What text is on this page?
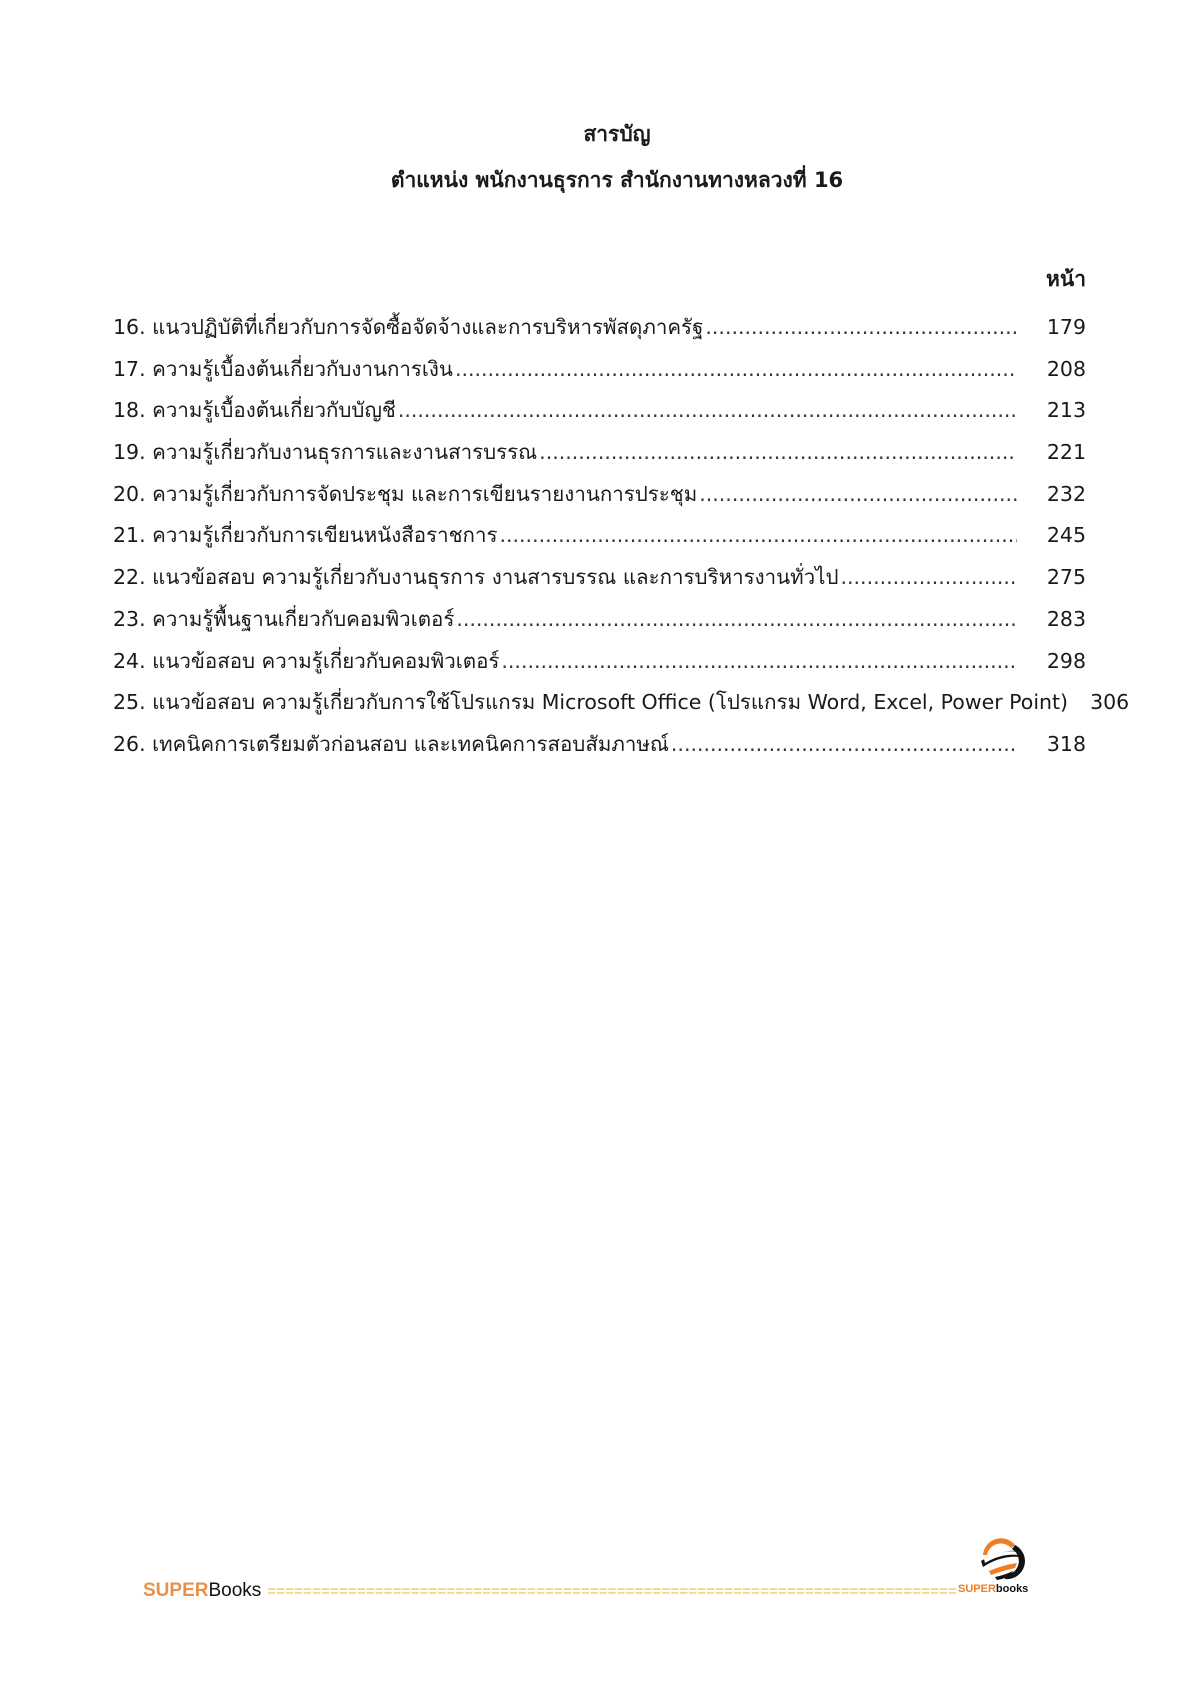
สารบัญ
ตำแหน่ง พนักงานธุรการ สำนักงานทางหลวงที่ 16
หน้า
16. แนวปฏิบัติที่เกี่ยวกับการจัดซื้อจัดจ้างและการบริหารพัสดุภาครัฐ .....	179
17. ความรู้เบื้องต้นเกี่ยวกับงานการเงิน .....	208
18. ความรู้เบื้องต้นเกี่ยวกับบัญชี .....	213
19. ความรู้เกี่ยวกับงานธุรการและงานสารบรรณ .....	221
20. ความรู้เกี่ยวกับการจัดประชุม และการเขียนรายงานการประชุม .....	232
21. ความรู้เกี่ยวกับการเขียนหนังสือราชการ .....	245
22. แนวข้อสอบ ความรู้เกี่ยวกับงานธุรการ งานสารบรรณ และการบริหารงานทั่วไป .....	275
23. ความรู้พื้นฐานเกี่ยวกับคอมพิวเตอร์ .....	283
24. แนวข้อสอบ ความรู้เกี่ยวกับคอมพิวเตอร์ .....	298
25. แนวข้อสอบ ความรู้เกี่ยวกับการใช้โปรแกรม Microsoft Office (โปรแกรม Word, Excel, Power Point) 306
26. เทคนิคการเตรียมตัวก่อนสอบ และเทคนิคการสอบสัมภาษณ์ .....	318
SUPER Books ============================================================================= SUPERbooks
